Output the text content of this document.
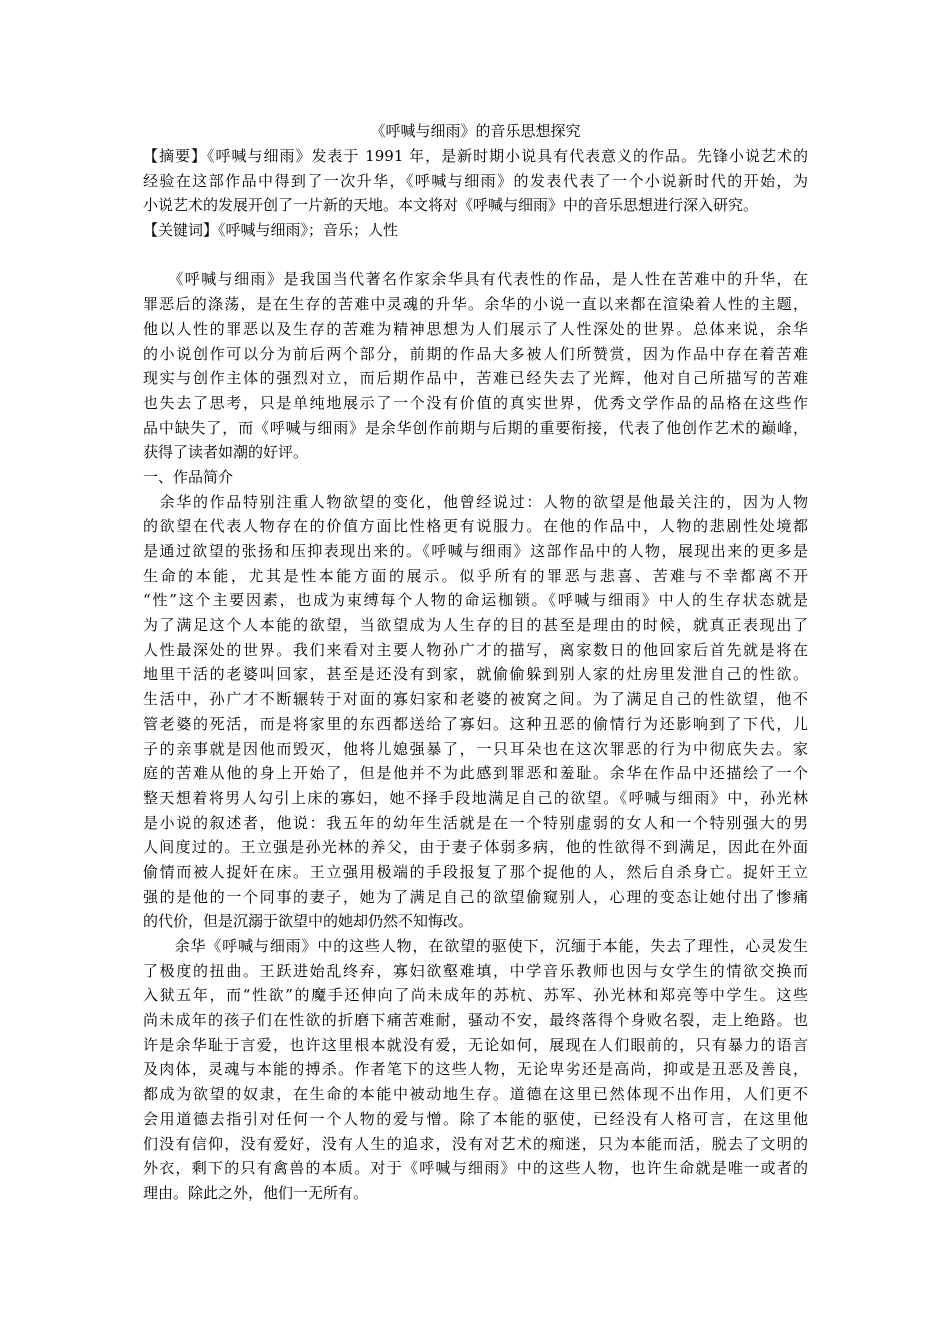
《呼喊与细雨》的音乐思想探究
【摘要】《呼喊与细雨》发表于 1991 年，是新时期小说具有代表意义的作品。先锋小说艺术的
经验在这部作品中得到了一次升华，《呼喊与细雨》的发表代表了一个小说新时代的开始，为
小说艺术的发展开创了一片新的天地。本文将对《呼喊与细雨》中的音乐思想进行深入研究。
【关键词】《呼喊与细雨》；音乐；人性
　　《呼喊与细雨》是我国当代著名作家余华具有代表性的作品，是人性在苦难中的升华，在
罪恶后的涤荡，是在生存的苦难中灵魂的升华。余华的小说一直以来都在渲染着人性的主题，
他以人性的罪恶以及生存的苦难为精神思想为人们展示了人性深处的世界。总体来说，余华
的小说创作可以分为前后两个部分，前期的作品大多被人们所赞赏，因为作品中存在着苦难
现实与创作主体的强烈对立，而后期作品中，苦难已经失去了光辉，他对自己所描写的苦难
也失去了思考，只是单纯地展示了一个没有价值的真实世界，优秀文学作品的品格在这些作
品中缺失了，而《呼喊与细雨》是余华创作前期与后期的重要衔接，代表了他创作艺术的巅峰，
获得了读者如潮的好评。
一、作品简介
　余华的作品特别注重人物欲望的变化，他曾经说过：人物的欲望是他最关注的，因为人物
的欲望在代表人物存在的价值方面比性格更有说服力。在他的作品中，人物的悲剧性处境都
是通过欲望的张扬和压抑表现出来的。《呼喊与细雨》这部作品中的人物，展现出来的更多是
生命的本能，尤其是性本能方面的展示。似乎所有的罪恶与悲喜、苦难与不幸都离不开
“性”这个主要因素，也成为束缚每个人物的命运枷锁。《呼喊与细雨》中人的生存状态就是
为了满足这个人本能的欲望，当欲望成为人生存的目的甚至是理由的时候，就真正表现出了
人性最深处的世界。我们来看对主要人物孙广才的描写，离家数日的他回家后首先就是将在
地里干活的老婆叫回家，甚至是还没有到家，就偷偷躲到别人家的灶房里发泄自己的性欲。
生活中，孙广才不断辗转于对面的寡妇家和老婆的被窝之间。为了满足自己的性欲望，他不
管老婆的死活，而是将家里的东西都送给了寡妇。这种丑恶的偷情行为还影响到了下代，儿
子的亲事就是因他而毁灭，他将儿媳强暴了，一只耳朵也在这次罪恶的行为中彻底失去。家
庭的苦难从他的身上开始了，但是他并不为此感到罪恶和羞耻。余华在作品中还描绘了一个
整天想着将男人勾引上床的寡妇，她不择手段地满足自己的欲望。《呼喊与细雨》中，孙光林
是小说的叙述者，他说：我五年的幼年生活就是在一个特别虚弱的女人和一个特别强大的男
人间度过的。王立强是孙光林的养父，由于妻子体弱多病，他的性欲得不到满足，因此在外面
偷情而被人捉奸在床。王立强用极端的手段报复了那个捉他的人，然后自杀身亡。捉奸王立
强的是他的一个同事的妻子，她为了满足自己的欲望偷窥别人，心理的变态让她付出了惨痛
的代价，但是沉溺于欲望中的她却仍然不知悔改。
　　余华《呼喊与细雨》中的这些人物，在欲望的驱使下，沉缅于本能，失去了理性，心灵发生
了极度的扭曲。王跃进始乱终弃，寡妇欲壑难填，中学音乐教师也因与女学生的情欲交换而
入狱五年，而“性欲”的魔手还伸向了尚未成年的苏杭、苏军、孙光林和郑亮等中学生。这些
尚未成年的孩子们在性欲的折磨下痛苦难耐，骚动不安，最终落得个身败名裂，走上绝路。也
许是余华耻于言爱，也许这里根本就没有爱，无论如何，展现在人们眼前的，只有暴力的语言
及肉体，灵魂与本能的搏杀。作者笔下的这些人物，无论卑劣还是高尚，抑或是丑恶及善良，
都成为欲望的奴隶，在生命的本能中被动地生存。道德在这里已然体现不出作用，人们更不
会用道德去指引对任何一个人物的爱与憎。除了本能的驱使，已经没有人格可言，在这里他
们没有信仰，没有爱好，没有人生的追求，没有对艺术的痴迷，只为本能而活，脱去了文明的
外衣，剩下的只有禽兽的本质。对于《呼喊与细雨》中的这些人物，也许生命就是唯一或者的
理由。除此之外，他们一无所有。
